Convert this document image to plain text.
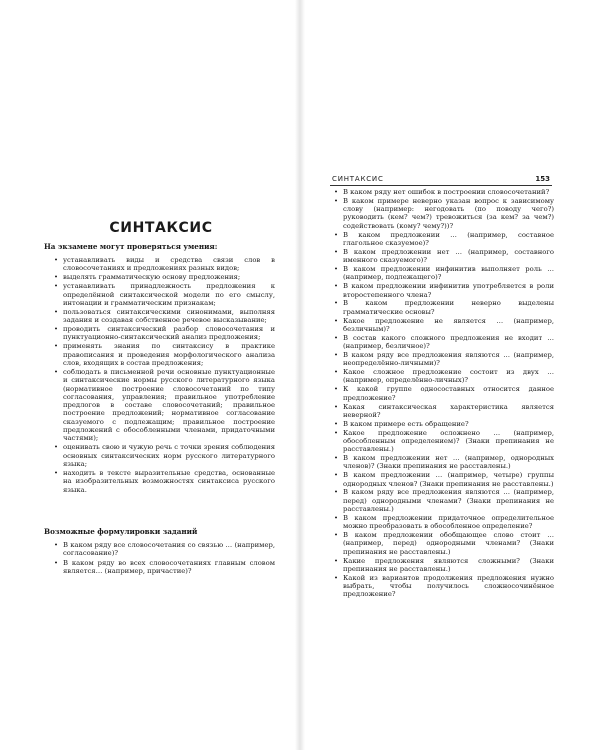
СИНТАКСИС
На экзамене могут проверяться умения:
• устанавливать виды и средства связи слов в словосочетаниях и предложениях разных видов;
• выделять грамматическую основу предложения;
• устанавливать принадлежность предложения к определённой синтаксической модели по его смыслу, интонации и грамматическим признакам;
• пользоваться синтаксическими синонимами, выполняя задания и создавая собственное речевое высказывание;
• проводить синтаксический разбор словосочетания и пунктуационно-синтаксический анализ предложения;
• применять знания по синтаксису в практике правописания и проведения морфологического анализа слов, входящих в состав предложения;
• соблюдать в письменной речи основные пунктуационные и синтаксические нормы русского литературного языка (нормативное построение словосочетаний по типу согласования, управления; правильное употребление предлогов в составе словосочетаний; правильное построение предложений; нормативное согласование сказуемого с подлежащим; правильное построение предложений с обособленными членами, придаточными частями);
• оценивать свою и чужую речь с точки зрения соблюдения основных синтаксических норм русского литературного языка;
• находить в тексте выразительные средства, основанные на изобразительных возможностях синтаксиса русского языка.
Возможные формулировки заданий
• В каком ряду все словосочетания со связью … (например, согласование)?
• В каком ряду во всех словосочетаниях главным словом является… (например, причастие)?
СИНТАКСИС	153
• В каком ряду нет ошибок в построении словосочетаний?
• В каком примере неверно указан вопрос к зависимому слову (например: негодовать (по поводу чего?) руководить (кем? чем?) тревожиться (за кем? за чем?) содействовать (кому? чему?))?
• В каком предложении … (например, составное глагольное сказуемое)?
• В каком предложении нет … (например, составного именного сказуемого)?
• В каком предложении инфинитив выполняет роль … (например, подлежащего)?
• В каком предложении инфинитив употребляется в роли второстепенного члена?
• В каком предложении неверно выделены грамматические основы?
• Какое предложение не является … (например, безличным)?
• В состав какого сложного предложения не входит … (например, безличное)?
• В каком ряду все предложения являются … (например, неопределённо-личными)?
• Какое сложное предложение состоит из двух … (например, определённо-личных)?
• К какой группе односоставных относится данное предложение?
• Какая синтаксическая характеристика является неверной?
• В каком примере есть обращение?
• Какое предложение осложнено … (например, обособленным определением)? (Знаки препинания не расставлены.)
• В каком предложении нет … (например, однородных членов)? (Знаки препинания не расставлены.)
• В каком предложении … (например, четыре) группы однородных членов? (Знаки препинания не расставлены.)
• В каком ряду все предложения являются … (например, перед) однородными членами? (Знаки препинания не расставлены.)
• В каком предложении придаточное определительное можно преобразовать в обособленное определение?
• В каком предложении обобщающее слово стоит … (например, перед) однородными членами? (Знаки препинания не расставлены.)
• Какие предложения являются сложными? (Знаки препинания не расставлены.)
• Какой из вариантов продолжения предложения нужно выбрать, чтобы получилось сложносочинённое предложение?
